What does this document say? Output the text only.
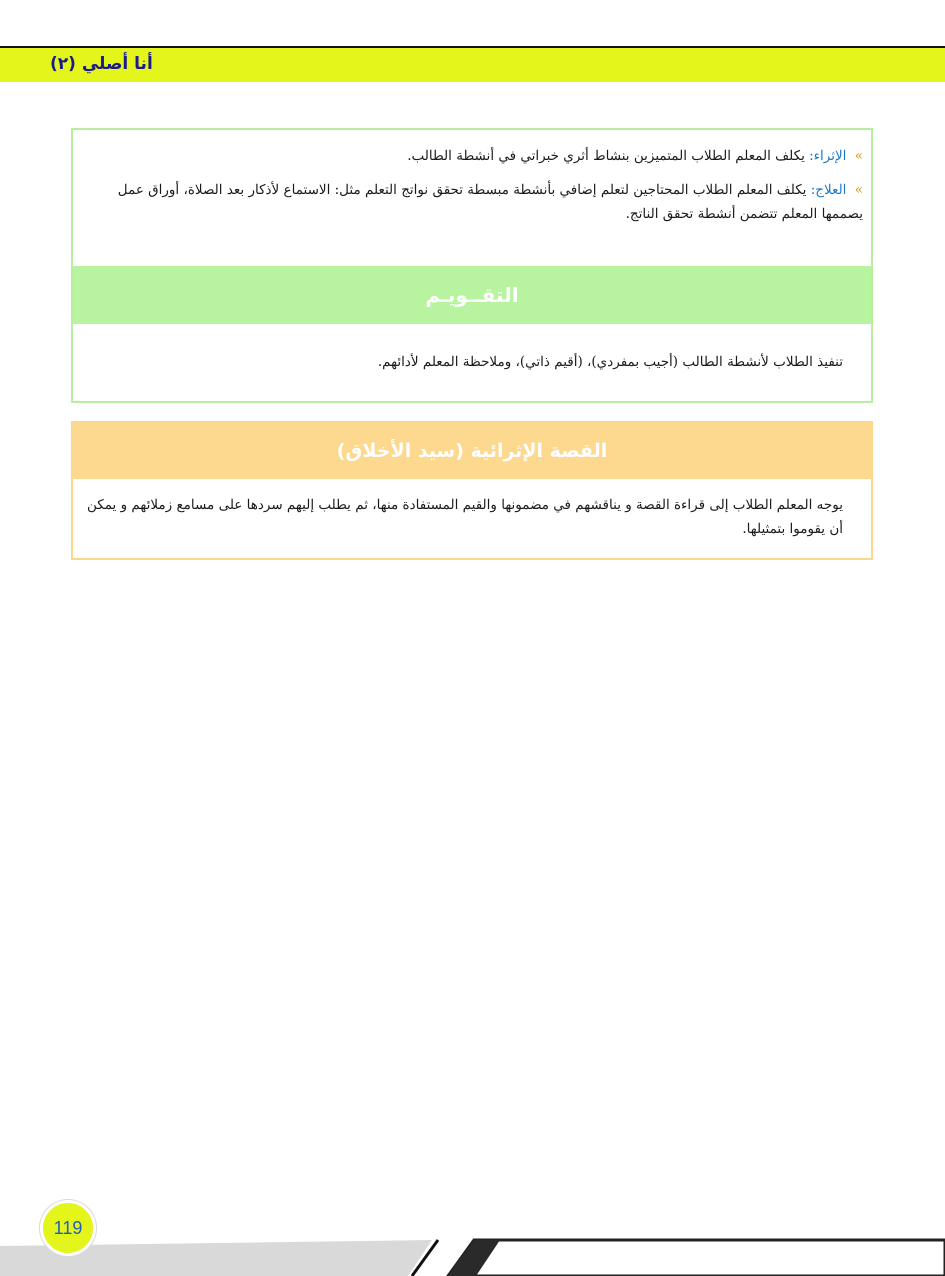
أنا أصلي (٢)

» الإثراء: يكلف المعلم الطلاب المتميزين بنشاط أثري خبراتي في أنشطة الطالب.

» العلاج: يكلف المعلم الطلاب المحتاجين لتعلم إضافي بأنشطة مبسطة تحقق نواتج التعلم مثل: الاستماع لأذكار بعد الصلاة، أوراق عمل يصممها المعلم تتضمن أنشطة تحقق الناتج.

التقــويـم
تنفيذ الطلاب لأنشطة الطالب (أجيب بمفردي)، (أقيم ذاتي)، وملاحظة المعلم لأدائهم.
القصة الإثرائية (سيد الأخلاق)
يوجه المعلم الطلاب إلى قراءة القصة و يناقشهم في مضمونها والقيم المستفادة منها، ثم يطلب إليهم سردها على مسامع زملائهم و يمكن أن يقوموا بتمثيلها.
119
